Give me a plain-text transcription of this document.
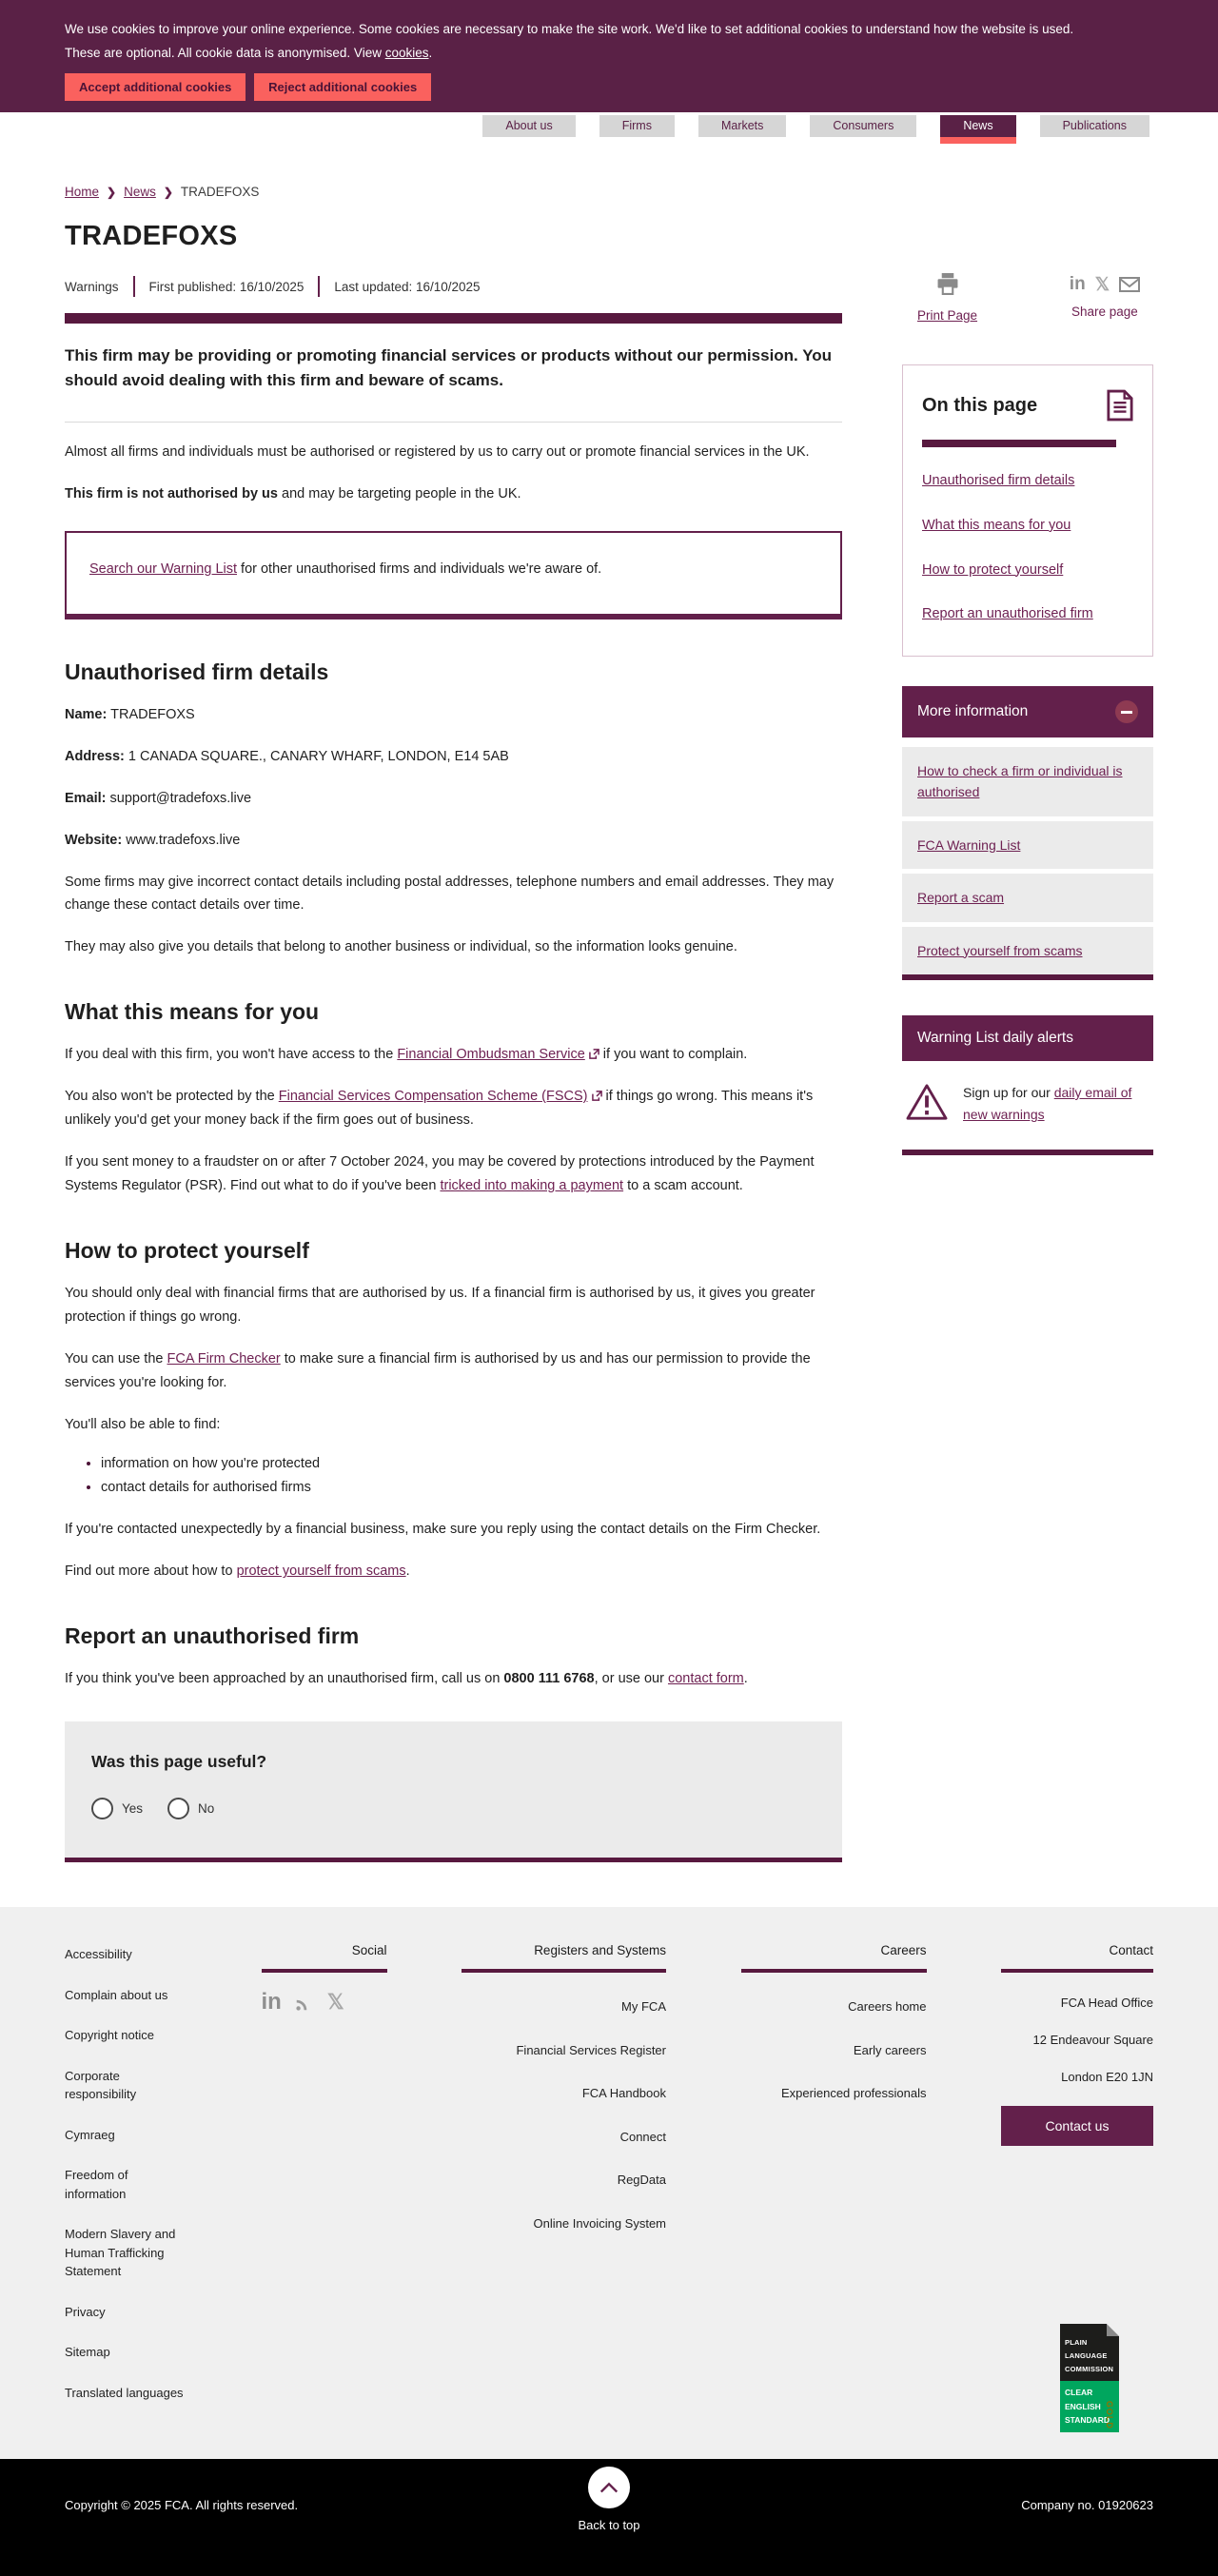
We use cookies to improve your online experience. Some cookies are necessary to make the site work. We'd like to set additional cookies to understand how the website is used. These are optional. All cookie data is anonymised. View cookies.

Accept additional cookies	Reject additional cookies
About us	Firms	Markets	Consumers	News	Publications
Home ❯ News ❯ TRADEFOXS
TRADEFOXS
Warnings First published: 16/10/2025 Last updated: 16/10/2025

This firm may be providing or promoting financial services or products without our permission. You should avoid dealing with this firm and beware of scams.

Almost all firms and individuals must be authorised or registered by us to carry out or promote financial services in the UK.

This firm is not authorised by us and may be targeting people in the UK.

Search our Warning List for other unauthorised firms and individuals we're aware of.
Unauthorised firm details

Name: TRADEFOXS

Address: 1 CANADA SQUARE., CANARY WHARF, LONDON, E14 5AB

Email: support@tradefoxs.live

Website: www.tradefoxs.live

Some firms may give incorrect contact details including postal addresses, telephone numbers and email addresses. They may change these contact details over time.

They may also give you details that belong to another business or individual, so the information looks genuine.

What this means for you

If you deal with this firm, you won't have access to the Financial Ombudsman Service if you want to complain.

You also won't be protected by the Financial Services Compensation Scheme (FSCS) if things go wrong. This means it's unlikely you'd get your money back if the firm goes out of business.

If you sent money to a fraudster on or after 7 October 2024, you may be covered by protections introduced by the Payment Systems Regulator (PSR). Find out what to do if you've been tricked into making a payment to a scam account.

How to protect yourself

You should only deal with financial firms that are authorised by us. If a financial firm is authorised by us, it gives you greater protection if things go wrong.

You can use the FCA Firm Checker to make sure a financial firm is authorised by us and has our permission to provide the services you're looking for.

You'll also be able to find:

• information on how you're protected
• contact details for authorised firms

If you're contacted unexpectedly by a financial business, make sure you reply using the contact details on the Firm Checker.

Find out more about how to protect yourself from scams.

Report an unauthorised firm

If you think you've been approached by an unauthorised firm, call us on 0800 111 6768, or use our contact form.

Was this page useful?

Yes	No
Print Page
in 𝕏
Share page
On this page
Unauthorised firm details
What this means for you
How to protect yourself
Report an unauthorised firm
More information
How to check a firm or individual is authorised
FCA Warning List
Report a scam
Protect yourself from scams
Warning List daily alerts
Sign up for our daily email of new warnings
Accessibility
Complain about us
Copyright notice
Corporate responsibility
Cymraeg
Freedom of information
Modern Slavery and Human Trafficking Statement
Privacy
Sitemap
Translated languages
Social
in 𝕏
Registers and Systems
My FCA
Financial Services Register
FCA Handbook
Connect
RegData
Online Invoicing System
Careers
Careers home
Early careers
Experienced professionals
Contact
FCA Head Office
12 Endeavour Square
London E20 1JN
Contact us
PLAIN
LANGUAGE
COMMISSION
GOLD
CLEAR
ENGLISH
STANDARD
Copyright © 2025 FCA. All rights reserved.
Back to top
Company no. 01920623
